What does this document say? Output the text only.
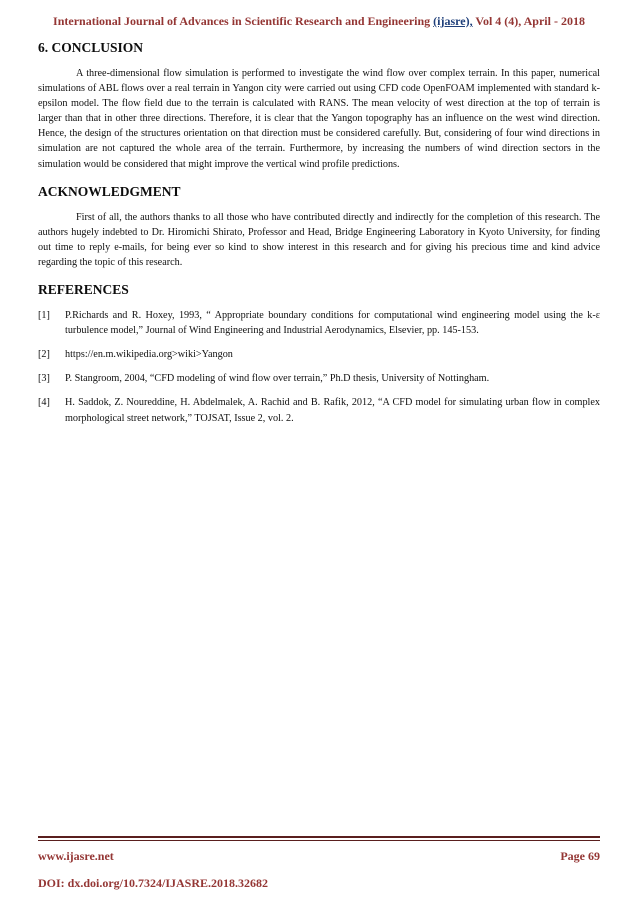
International Journal of Advances in Scientific Research and Engineering (ijasre), Vol 4 (4), April - 2018
6. CONCLUSION

A three-dimensional flow simulation is performed to investigate the wind flow over complex terrain. In this paper, numerical simulations of ABL flows over a real terrain in Yangon city were carried out using CFD code OpenFOAM implemented with standard k-epsilon model. The flow field due to the terrain is calculated with RANS. The mean velocity of west direction at the top of terrain is larger than that in other three directions. Therefore, it is clear that the Yangon topography has an influence on the west wind direction. Hence, the design of the structures orientation on that direction must be considered carefully. But, considering of four wind directions in simulation are not captured the whole area of the terrain. Furthermore, by increasing the numbers of wind direction sectors in the simulation would be considered that might improve the vertical wind profile predictions.

ACKNOWLEDGMENT

First of all, the authors thanks to all those who have contributed directly and indirectly for the completion of this research. The authors hugely indebted to Dr. Hiromichi Shirato, Professor and Head, Bridge Engineering Laboratory in Kyoto University, for finding out time to reply e-mails, for being ever so kind to show interest in this research and for giving his precious time and kind advice regarding the topic of this research.

REFERENCES
[1] P.Richards and R. Hoxey, 1993, “ Appropriate boundary conditions for computational wind engineering model using the k-ε turbulence model,” Journal of Wind Engineering and Industrial Aerodynamics, Elsevier, pp. 145-153.
[2] https://en.m.wikipedia.org>wiki>Yangon
[3] P. Stangroom, 2004, “CFD modeling of wind flow over terrain,” Ph.D thesis, University of Nottingham.
[4] H. Saddok, Z. Noureddine, H. Abdelmalek, A. Rachid and B. Rafik, 2012, “A CFD model for simulating urban flow in complex morphological street network,” TOJSAT, Issue 2, vol. 2.
www.ijasre.net	Page 69
DOI: dx.doi.org/10.7324/IJASRE.2018.32682
